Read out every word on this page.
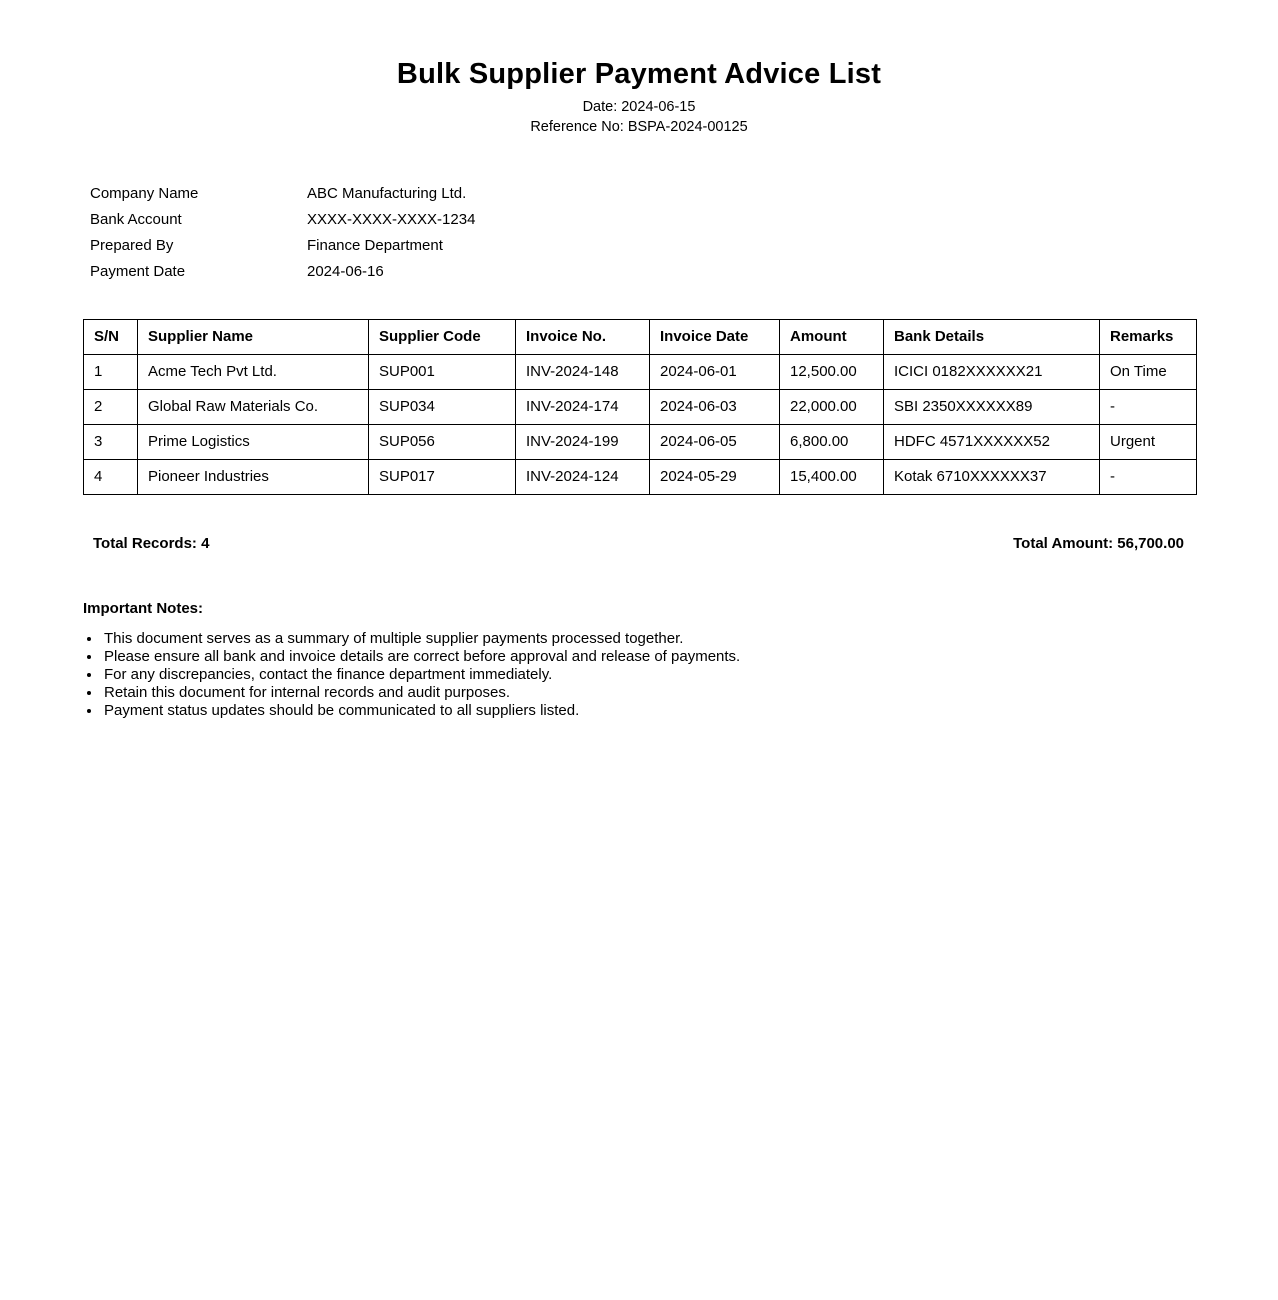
Bulk Supplier Payment Advice List
Date: 2024-06-15
Reference No: BSPA-2024-00125
Company Name	ABC Manufacturing Ltd.
Bank Account	XXXX-XXXX-XXXX-1234
Prepared By	Finance Department
Payment Date	2024-06-16
S/N	Supplier Name	Supplier Code	Invoice No.	Invoice Date	Amount	Bank Details	Remarks
1	Acme Tech Pvt Ltd.	SUP001	INV-2024-148	2024-06-01	12,500.00	ICICI 0182XXXXXX21	On Time
2	Global Raw Materials Co.	SUP034	INV-2024-174	2024-06-03	22,000.00	SBI 2350XXXXXX89	-
3	Prime Logistics	SUP056	INV-2024-199	2024-06-05	6,800.00	HDFC 4571XXXXXX52	Urgent
4	Pioneer Industries	SUP017	INV-2024-124	2024-05-29	15,400.00	Kotak 6710XXXXXX37	-
Total Records: 4	Total Amount: 56,700.00
Important Notes:
• This document serves as a summary of multiple supplier payments processed together.
• Please ensure all bank and invoice details are correct before approval and release of payments.
• For any discrepancies, contact the finance department immediately.
• Retain this document for internal records and audit purposes.
• Payment status updates should be communicated to all suppliers listed.
